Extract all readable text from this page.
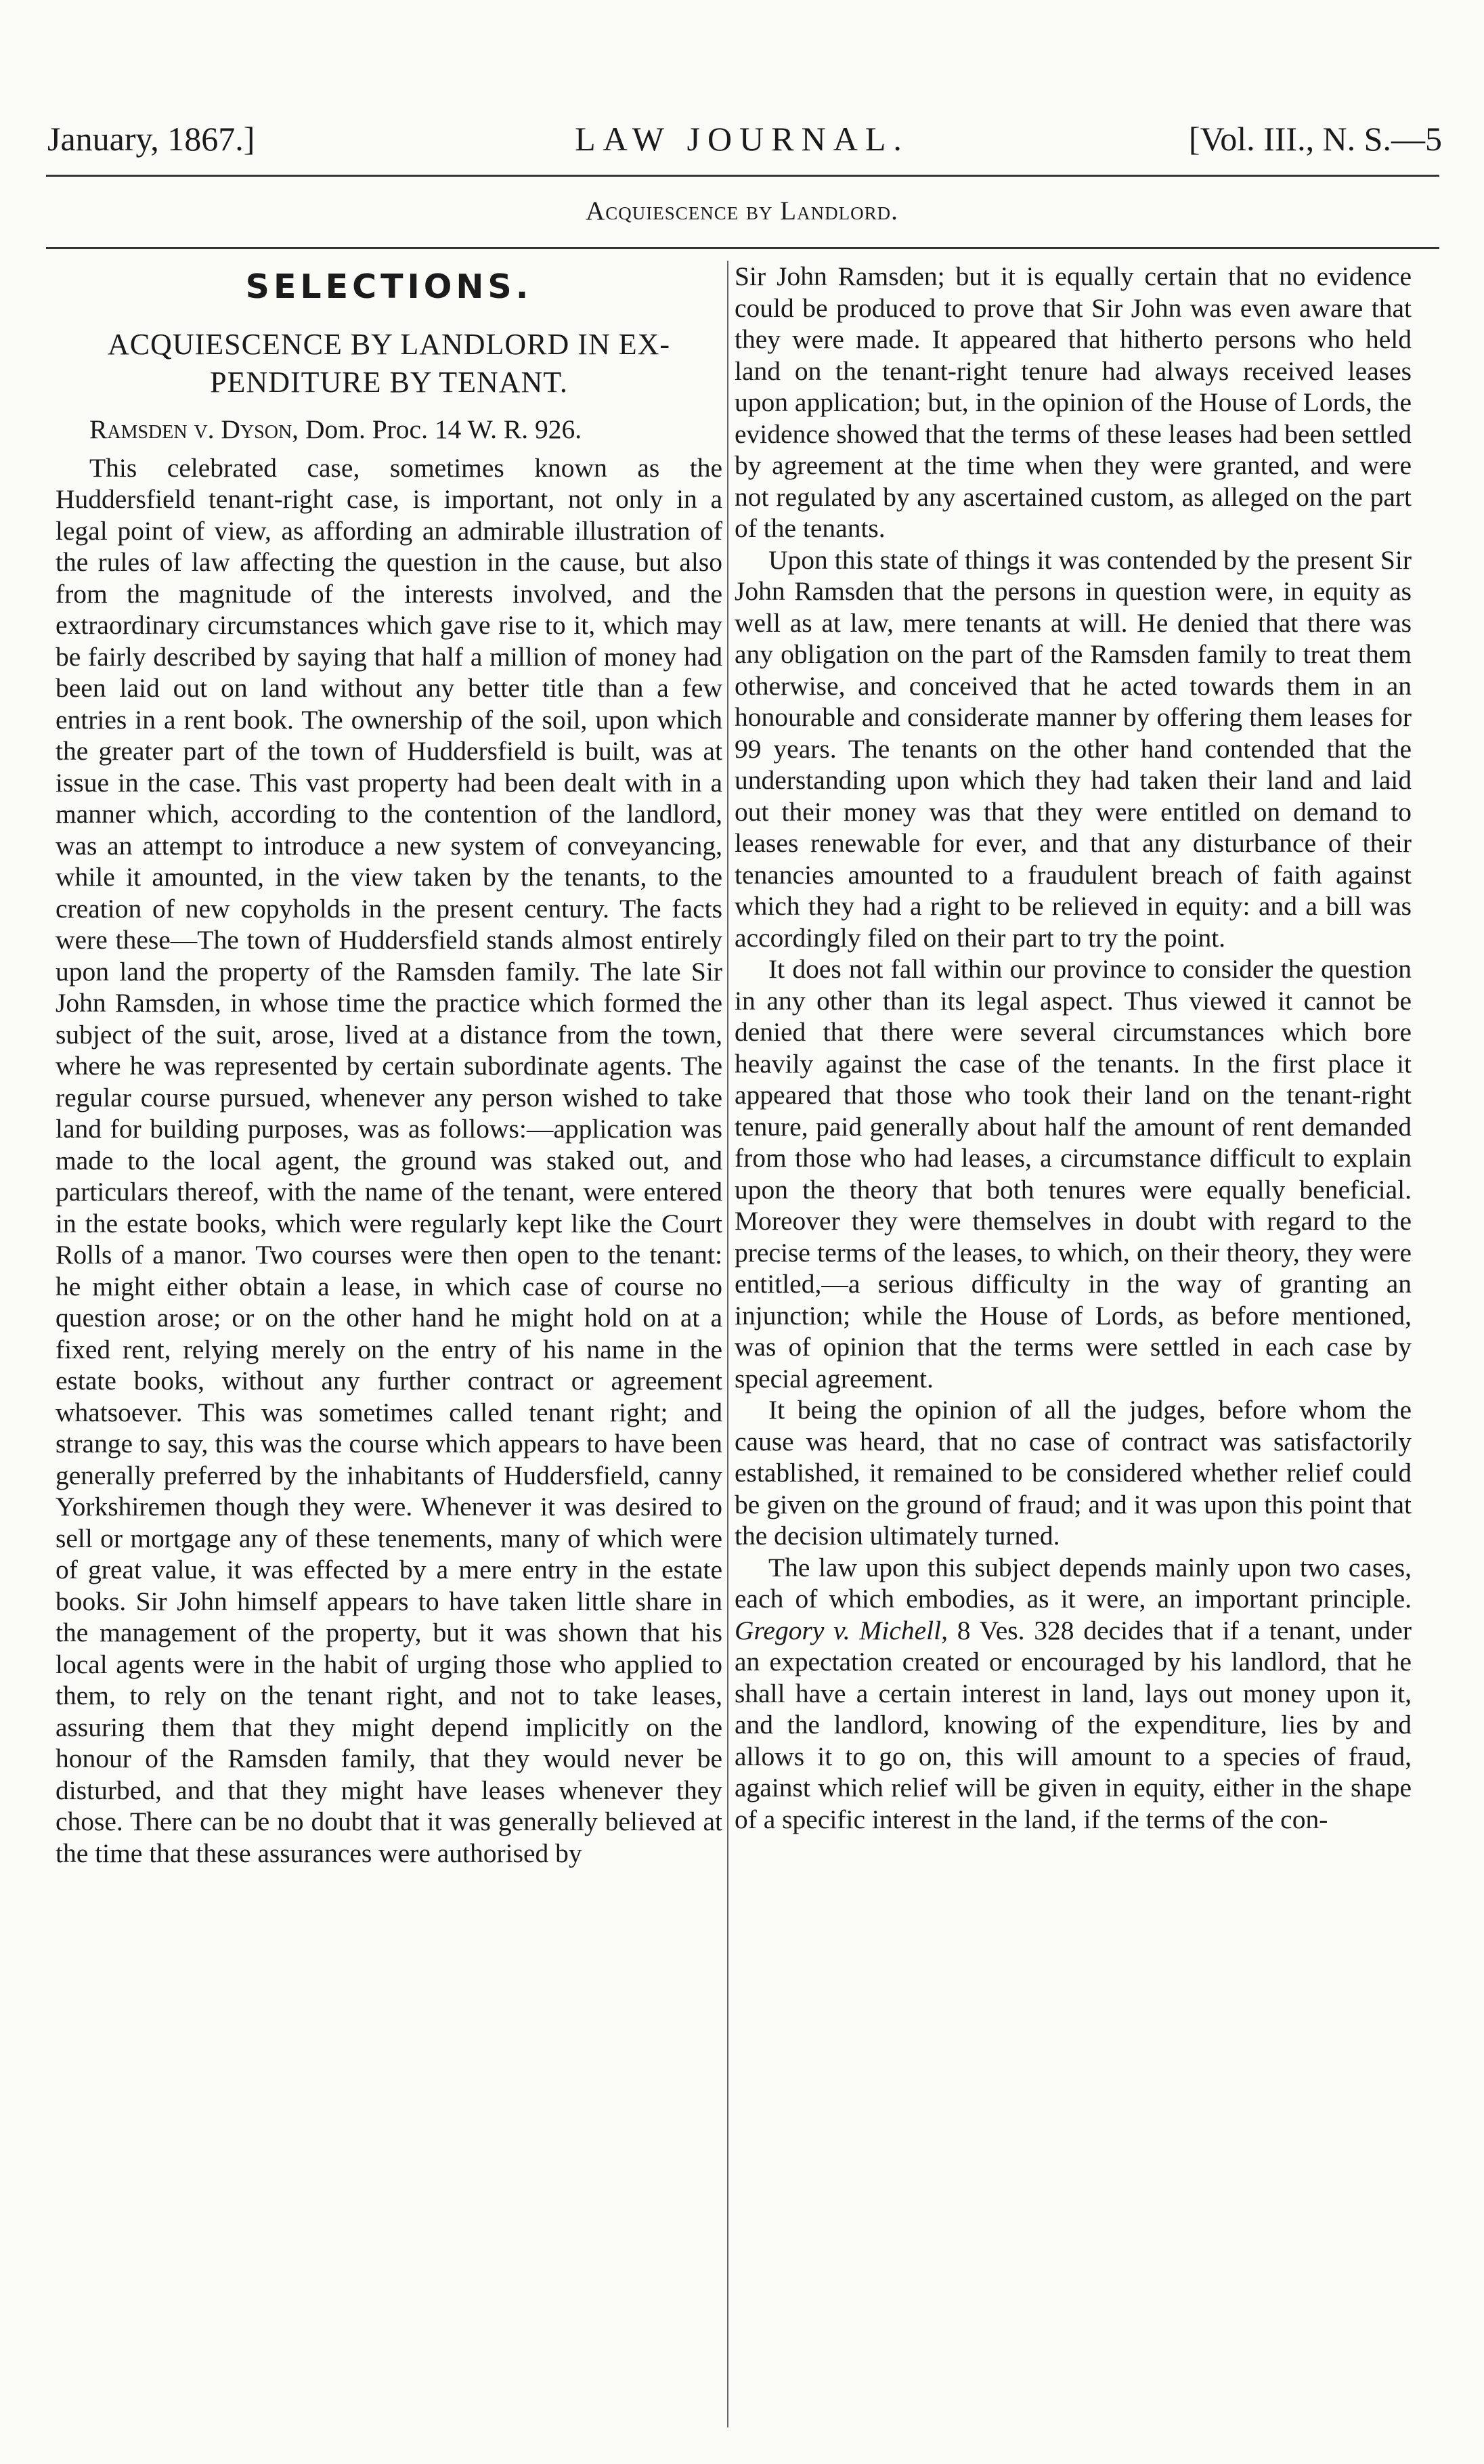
January, 1867.]	LAW JOURNAL.	[Vol. III., N. S.—5
Acquiescence by Landlord.
SELECTIONS.
ACQUIESCENCE BY LANDLORD IN EX-
PENDITURE BY TENANT.

Ramsden v. Dyson, Dom. Proc. 14 W. R. 926.

This celebrated case, sometimes known as the Huddersfield tenant-right case, is important, not only in a legal point of view, as affording an admirable illustration of the rules of law affecting the question in the cause, but also from the magnitude of the interests involved, and the extraordinary circumstances which gave rise to it, which may be fairly described by saying that half a million of money had been laid out on land without any better title than a few entries in a rent book. The ownership of the soil, upon which the greater part of the town of Huddersfield is built, was at issue in the case. This vast property had been dealt with in a manner which, according to the contention of the landlord, was an attempt to introduce a new system of conveyancing, while it amounted, in the view taken by the tenants, to the creation of new copyholds in the present century. The facts were these—The town of Huddersfield stands almost entirely upon land the property of the Ramsden family. The late Sir John Ramsden, in whose time the practice which formed the subject of the suit, arose, lived at a distance from the town, where he was represented by certain subordinate agents. The regular course pursued, whenever any person wished to take land for building purposes, was as follows:—application was made to the local agent, the ground was staked out, and particulars thereof, with the name of the tenant, were entered in the estate books, which were regularly kept like the Court Rolls of a manor. Two courses were then open to the tenant: he might either obtain a lease, in which case of course no question arose; or on the other hand he might hold on at a fixed rent, relying merely on the entry of his name in the estate books, without any further contract or agreement whatsoever. This was sometimes called tenant right; and strange to say, this was the course which appears to have been generally preferred by the inhabitants of Huddersfield, canny Yorkshiremen though they were. Whenever it was desired to sell or mortgage any of these tenements, many of which were of great value, it was effected by a mere entry in the estate books. Sir John himself appears to have taken little share in the management of the property, but it was shown that his local agents were in the habit of urging those who applied to them, to rely on the tenant right, and not to take leases, assuring them that they might depend implicitly on the honour of the Ramsden family, that they would never be disturbed, and that they might have leases whenever they chose. There can be no doubt that it was generally believed at the time that these assurances were authorised by

Sir John Ramsden; but it is equally certain that no evidence could be produced to prove that Sir John was even aware that they were made. It appeared that hitherto persons who held land on the tenant-right tenure had always received leases upon application; but, in the opinion of the House of Lords, the evidence showed that the terms of these leases had been settled by agreement at the time when they were granted, and were not regulated by any ascertained custom, as alleged on the part of the tenants.

Upon this state of things it was contended by the present Sir John Ramsden that the persons in question were, in equity as well as at law, mere tenants at will. He denied that there was any obligation on the part of the Ramsden family to treat them otherwise, and conceived that he acted towards them in an honourable and considerate manner by offering them leases for 99 years. The tenants on the other hand contended that the understanding upon which they had taken their land and laid out their money was that they were entitled on demand to leases renewable for ever, and that any disturbance of their tenancies amounted to a fraudulent breach of faith against which they had a right to be relieved in equity: and a bill was accordingly filed on their part to try the point.

It does not fall within our province to consider the question in any other than its legal aspect. Thus viewed it cannot be denied that there were several circumstances which bore heavily against the case of the tenants. In the first place it appeared that those who took their land on the tenant-right tenure, paid generally about half the amount of rent demanded from those who had leases, a circumstance difficult to explain upon the theory that both tenures were equally beneficial. Moreover they were themselves in doubt with regard to the precise terms of the leases, to which, on their theory, they were entitled,—a serious difficulty in the way of granting an injunction; while the House of Lords, as before mentioned, was of opinion that the terms were settled in each case by special agreement.

It being the opinion of all the judges, before whom the cause was heard, that no case of contract was satisfactorily established, it remained to be considered whether relief could be given on the ground of fraud; and it was upon this point that the decision ultimately turned.

The law upon this subject depends mainly upon two cases, each of which embodies, as it were, an important principle. Gregory v. Michell, 8 Ves. 328 decides that if a tenant, under an expectation created or encouraged by his landlord, that he shall have a certain interest in land, lays out money upon it, and the landlord, knowing of the expenditure, lies by and allows it to go on, this will amount to a species of fraud, against which relief will be given in equity, either in the shape of a specific interest in the land, if the terms of the con-
